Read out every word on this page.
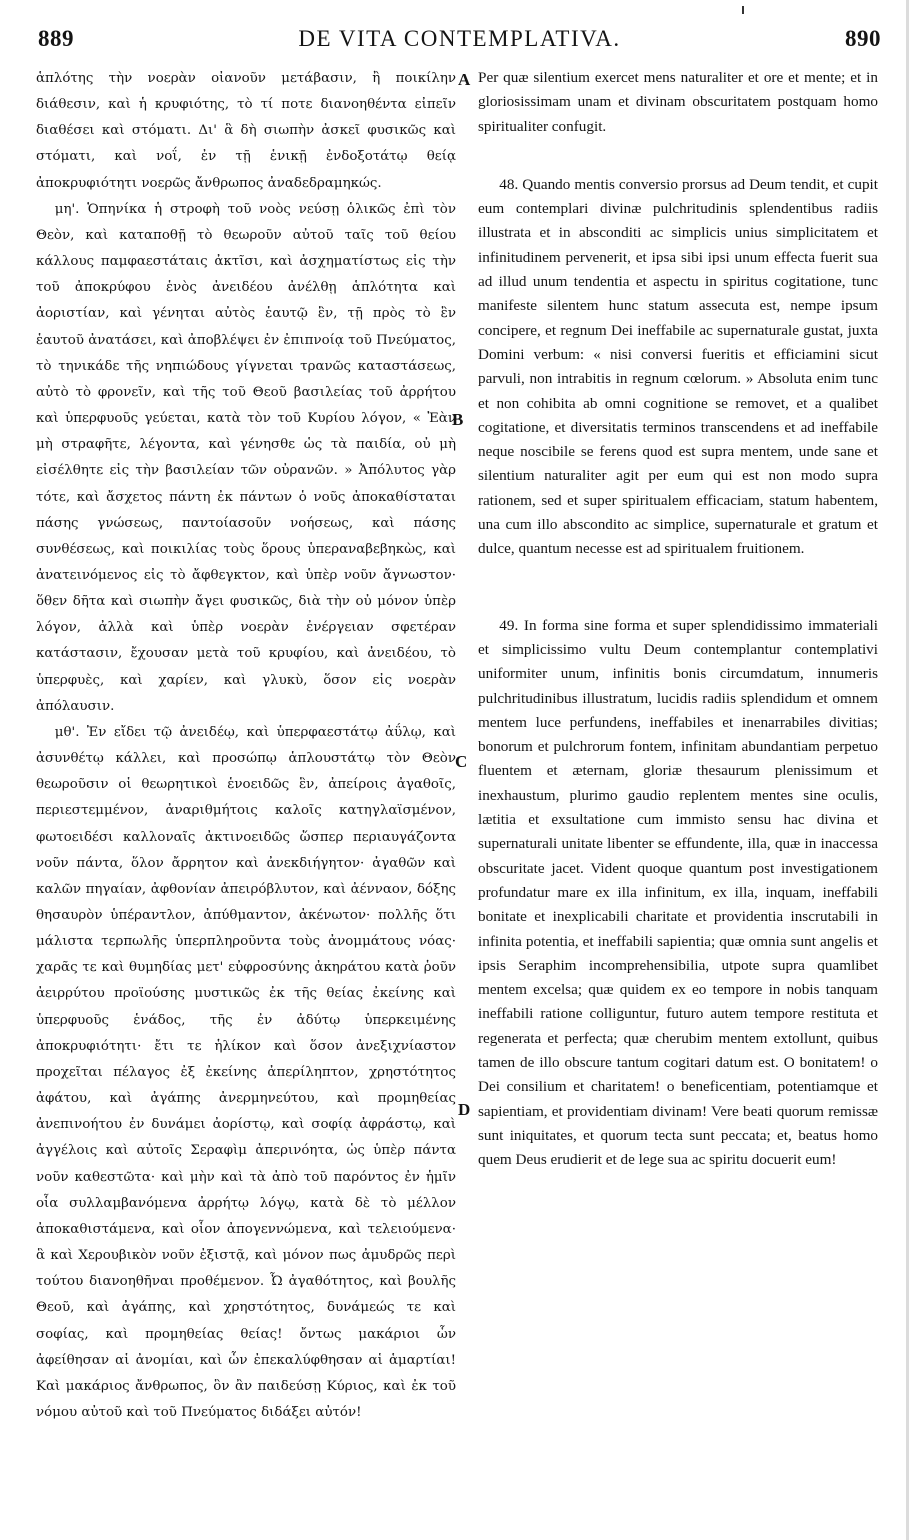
889	DE VITA CONTEMPLATIVA.	890

ἁπλότης τὴν νοερὰν οἰανοῦν μετάβασιν, ἢ ποικίλην διάθεσιν, καὶ ἡ κρυφιότης, τὸ τί ποτε διανοηθέντα εἰπεῖν διαθέσει καὶ στόματι. Δι' ἃ δὴ σιωπὴν ἀσκεῖ φυσικῶς καὶ στόματι, καὶ νοΐ, ἐν τῇ ἑνικῇ ἐνδοξοτάτῳ θείᾳ ἀποκρυφιότητι νοερῶς ἄνθρωπος ἀναδεδραμηκώς.

μη'. Ὁπηνίκα ἡ στροφὴ τοῦ νοὸς νεύσῃ ὁλικῶς ἐπὶ τὸν Θεὸν, καὶ καταποθῇ τὸ θεωροῦν αὐτοῦ ταῖς τοῦ θείου κάλλους παμφαεστάταις ἀκτῖσι, καὶ ἀσχηματίστως εἰς τὴν τοῦ ἀποκρύφου ἑνὸς ἀνειδέου ἀνέλθῃ ἁπλότητα καὶ ἀοριστίαν, καὶ γένηται αὐτὸς ἑαυτῷ ἓν, τῇ πρὸς τὸ ἓν ἑαυτοῦ ἀνατάσει, καὶ ἀποβλέψει ἐν ἐπιπνοίᾳ τοῦ Πνεύματος, τὸ τηνικάδε τῆς νηπιώδους γίγνεται τρανῶς καταστάσεως, αὐτὸ τὸ φρονεῖν, καὶ τῆς τοῦ Θεοῦ βασιλείας τοῦ ἀρρήτου καὶ ὑπερφυοῦς γεύεται, κατὰ τὸν τοῦ Κυρίου λόγον, « Ἐὰν μὴ στραφῆτε, λέγοντα, καὶ γένησθε ὡς τὰ παιδία, οὐ μὴ εἰσέλθητε εἰς τὴν βασιλείαν τῶν οὐρανῶν. » Ἀπόλυτος γὰρ τότε, καὶ ἄσχετος πάντη ἐκ πάντων ὁ νοῦς ἀποκαθίσταται πάσης γνώσεως, παντοίασοῦν νοήσεως, καὶ πάσης συνθέσεως, καὶ ποικιλίας τοὺς ὅρους ὑπεραναβεβηκὼς, καὶ ἀνατεινόμενος εἰς τὸ ἄφθεγκτον, καὶ ὑπὲρ νοῦν ἄγνωστον· ὅθεν δῆτα καὶ σιωπὴν ἄγει φυσικῶς, διὰ τὴν οὐ μόνον ὑπὲρ λόγον, ἀλλὰ καὶ ὑπὲρ νοερὰν ἐνέργειαν σφετέραν κατάστασιν, ἔχουσαν μετὰ τοῦ κρυφίου, καὶ ἀνειδέου, τὸ ὑπερφυὲς, καὶ χαρίεν, καὶ γλυκὺ, ὅσον εἰς νοερὰν ἀπόλαυσιν.

μθ'. Ἐν εἴδει τῷ ἀνειδέῳ, καὶ ὑπερφαεστάτῳ ἀΰλῳ, καὶ ἀσυνθέτῳ κάλλει, καὶ προσώπῳ ἁπλουστάτῳ τὸν Θεὸν θεωροῦσιν οἱ θεωρητικοὶ ἑνοειδῶς ἓν, ἀπείροις ἀγαθοῖς, περιεστεμμένον, ἀναριθμήτοις καλοῖς κατηγλαϊσμένον, φωτοειδέσι καλλοναῖς ἀκτινοειδῶς ὥσπερ περιαυγάζοντα νοῦν πάντα, ὅλον ἄρρητον καὶ ἀνεκδιήγητον· ἀγαθῶν καὶ καλῶν πηγαίαν, ἀφθονίαν ἀπειρόβλυτον, καὶ ἀένναον, δόξης θησαυρὸν ὑπέραντλον, ἀπύθμαντον, ἀκένωτον· πολλῆς ὅτι μάλιστα τερπωλῆς ὑπερπληροῦντα τοὺς ἀνομμάτους νόας· χαρᾶς τε καὶ θυμηδίας μετ' εὐφροσύνης ἀκηράτου κατὰ ῥοῦν ἀειρρύτου προϊούσης μυστικῶς ἐκ τῆς θείας ἐκείνης καὶ ὑπερφυοῦς ἑνάδος, τῆς ἐν ἀδύτῳ ὑπερκειμένης ἀποκρυφιότητι· ἔτι τε ἡλίκον καὶ ὅσον ἀνεξιχνίαστον προχεῖται πέλαγος ἐξ ἐκείνης ἀπερίληπτον, χρηστότητος ἀφάτου, καὶ ἀγάπης ἀνερμηνεύτου, καὶ προμηθείας ἀνεπινοήτου ἐν δυνάμει ἀορίστῳ, καὶ σοφίᾳ ἀφράστῳ, καὶ ἀγγέλοις καὶ αὐτοῖς Σεραφὶμ ἀπερινόητα, ὡς ὑπὲρ πάντα νοῦν καθεστῶτα· καὶ μὴν καὶ τὰ ἀπὸ τοῦ παρόντος ἐν ἡμῖν οἷα συλλαμβανόμενα ἀρρήτῳ λόγῳ, κατὰ δὲ τὸ μέλλον ἀποκαθιστάμενα, καὶ οἷον ἀπογεννώμενα, καὶ τελειούμενα· ἃ καὶ Χερουβικὸν νοῦν ἐξιστᾷ, καὶ μόνον πως ἀμυδρῶς περὶ τούτου διανοηθῆναι προθέμενον. Ὦ ἀγαθότητος, καὶ βουλῆς Θεοῦ, καὶ ἀγάπης, καὶ χρηστότητος, δυνάμεώς τε καὶ σοφίας, καὶ προμηθείας θείας! ὄντως μακάριοι ὧν ἀφείθησαν αἱ ἀνομίαι, καὶ ὧν ἐπεκαλύφθησαν αἱ ἁμαρτίαι! Καὶ μακάριος ἄνθρωπος, ὃν ἂν παιδεύσῃ Κύριος, καὶ ἐκ τοῦ νόμου αὐτοῦ καὶ τοῦ Πνεύματος διδάξει αὐτόν!

A
B
C
D

Per quæ silentium exercet mens naturaliter et ore et mente; et in gloriosissimam unam et divinam obscuritatem postquam homo spiritualiter confugit.

48. Quando mentis conversio prorsus ad Deum tendit, et cupit eum contemplari divinæ pulchritudinis splendentibus radiis illustrata et in absconditi ac simplicis unius simplicitatem et infinitudinem pervenerit, et ipsa sibi ipsi unum effecta fuerit sua ad illud unum tendentia et aspectu in spiritus cogitatione, tunc manifeste silentem hunc statum assecuta est, nempe ipsum concipere, et regnum Dei ineffabile ac supernaturale gustat, juxta Domini verbum: « nisi conversi fueritis et efficiamini sicut parvuli, non intrabitis in regnum cœlorum. » Absoluta enim tunc et non cohibita ab omni cognitione se removet, et a qualibet cogitatione, et diversitatis terminos transcendens et ad ineffabile neque noscibile se ferens quod est supra mentem, unde sane et silentium naturaliter agit per eum qui est non modo supra rationem, sed et super spiritualem efficaciam, statum habentem, una cum illo abscondito ac simplice, supernaturale et gratum et dulce, quantum necesse est ad spiritualem fruitionem.

49. In forma sine forma et super splendidissimo immateriali et simplicissimo vultu Deum contemplantur contemplativi uniformiter unum, infinitis bonis circumdatum, innumeris pulchritudinibus illustratum, lucidis radiis splendidum et omnem mentem luce perfundens, ineffabiles et inenarrabiles divitias; bonorum et pulchrorum fontem, infinitam abundantiam perpetuo fluentem et æternam, gloriæ thesaurum plenissimum et inexhaustum, plurimo gaudio replentem mentes sine oculis, lætitia et exsultatione cum immisto sensu hac divina et supernaturali unitate libenter se effundente, illa, quæ in inaccessa obscuritate jacet. Vident quoque quantum post investigationem profundatur mare ex illa infinitum, ex illa, inquam, ineffabili bonitate et inexplicabili charitate et providentia inscrutabili in infinita potentia, et ineffabili sapientia; quæ omnia sunt angelis et ipsis Seraphim incomprehensibilia, utpote supra quamlibet mentem excelsa; quæ quidem ex eo tempore in nobis tanquam ineffabili ratione colliguntur, futuro autem tempore restituta et regenerata et perfecta; quæ cherubim mentem extollunt, quibus tamen de illo obscure tantum cogitari datum est. O bonitatem! o Dei consilium et charitatem! o beneficentiam, potentiamque et sapientiam, et providentiam divinam! Vere beati quorum remissæ sunt iniquitates, et quorum tecta sunt peccata; et, beatus homo quem Deus erudierit et de lege sua ac spiritu docuerit eum!
